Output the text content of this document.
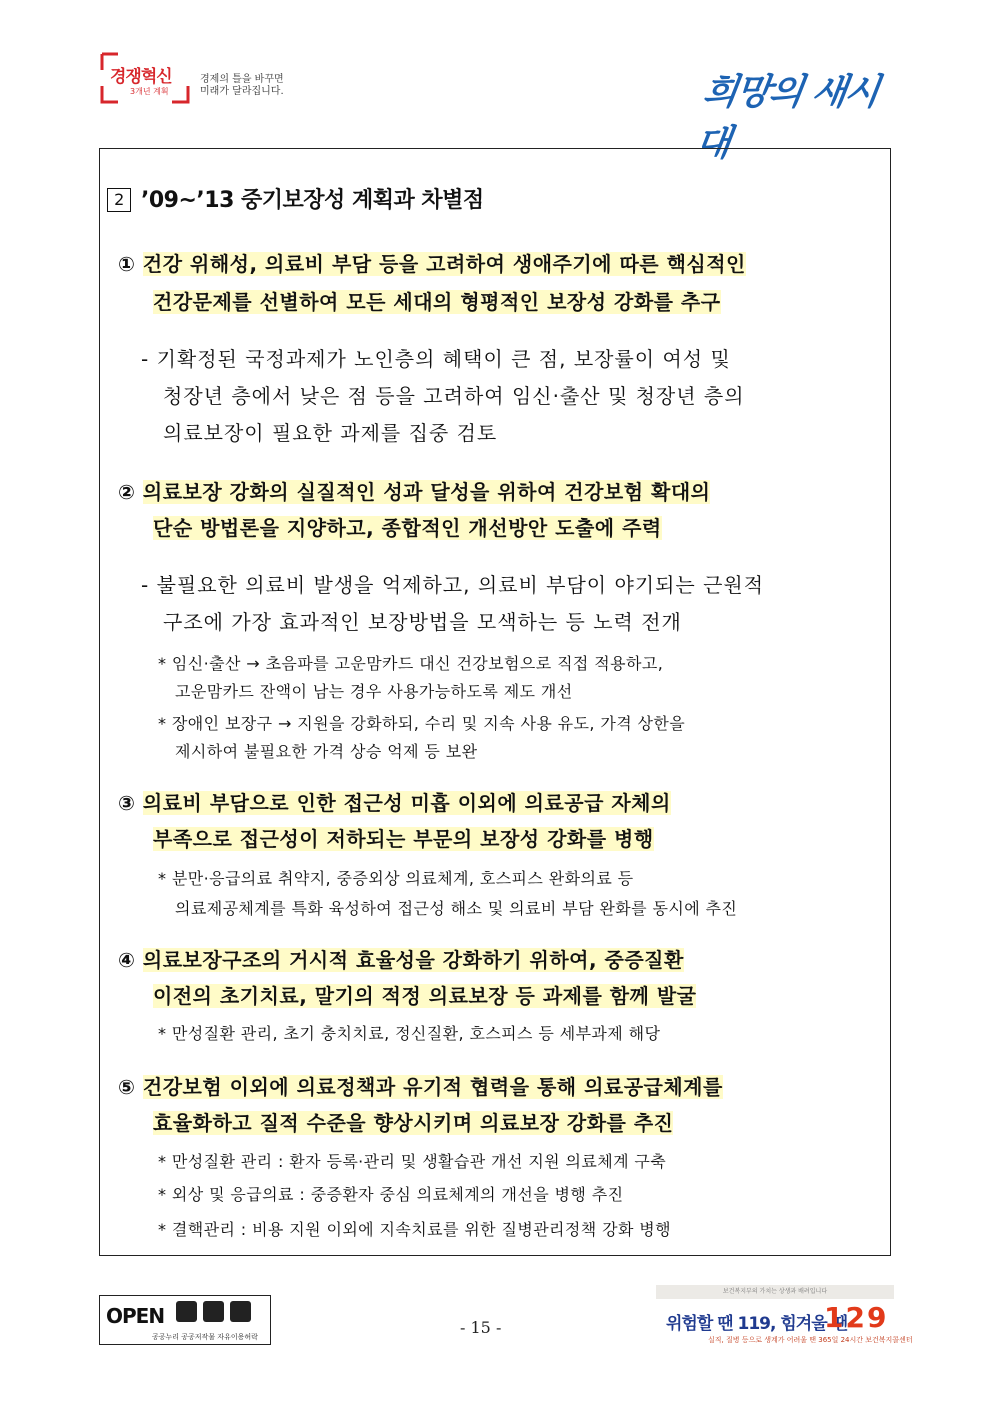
경쟁혁신
3개년 계획
경제의 틀을 바꾸면
미래가 달라집니다.	희망의 새시대
2 ’09~’13 중기보장성 계획과 차별점
① 건강 위해성, 의료비 부담 등을 고려하여 생애주기에 따른 핵심적인
건강문제를 선별하여 모든 세대의 형평적인 보장성 강화를 추구
- 기확정된 국정과제가 노인층의 혜택이 큰 점, 보장률이 여성 및
청장년 층에서 낮은 점 등을 고려하여 임신·출산 및 청장년 층의
의료보장이 필요한 과제를 집중 검토
② 의료보장 강화의 실질적인 성과 달성을 위하여 건강보험 확대의
단순 방법론을 지양하고, 종합적인 개선방안 도출에 주력
- 불필요한 의료비 발생을 억제하고, 의료비 부담이 야기되는 근원적
구조에 가장 효과적인 보장방법을 모색하는 등 노력 전개
* 임신·출산 → 초음파를 고운맘카드 대신 건강보험으로 직접 적용하고,
고운맘카드 잔액이 남는 경우 사용가능하도록 제도 개선
* 장애인 보장구 → 지원을 강화하되, 수리 및 지속 사용 유도, 가격 상한을
제시하여 불필요한 가격 상승 억제 등 보완
③ 의료비 부담으로 인한 접근성 미흡 이외에 의료공급 자체의
부족으로 접근성이 저하되는 부문의 보장성 강화를 병행
* 분만·응급의료 취약지, 중증외상 의료체계, 호스피스 완화의료 등
의료제공체계를 특화 육성하여 접근성 해소 및 의료비 부담 완화를 동시에 추진
④ 의료보장구조의 거시적 효율성을 강화하기 위하여, 중증질환
이전의 초기치료, 말기의 적정 의료보장 등 과제를 함께 발굴
* 만성질환 관리, 초기 충치치료, 정신질환, 호스피스 등 세부과제 해당
⑤ 건강보험 이외에 의료정책과 유기적 협력을 통해 의료공급체계를
효율화하고 질적 수준을 향상시키며 의료보장 강화를 추진
* 만성질환 관리 : 환자 등록·관리 및 생활습관 개선 지원 의료체계 구축
* 외상 및 응급의료 : 중증환자 중심 의료체계의 개선을 병행 추진
* 결핵관리 : 비용 지원 이외에 지속치료를 위한 질병관리정책 강화 병행
OPEN
공공누리 공공저작물 자유이용허락	- 15 -
보건복지부의 가치는 상생과 배려입니다
위험할 땐 119, 힘겨울 땐
129
실직, 질병 등으로 생계가 어려울 땐 365일 24시간 보건복지콜센터
